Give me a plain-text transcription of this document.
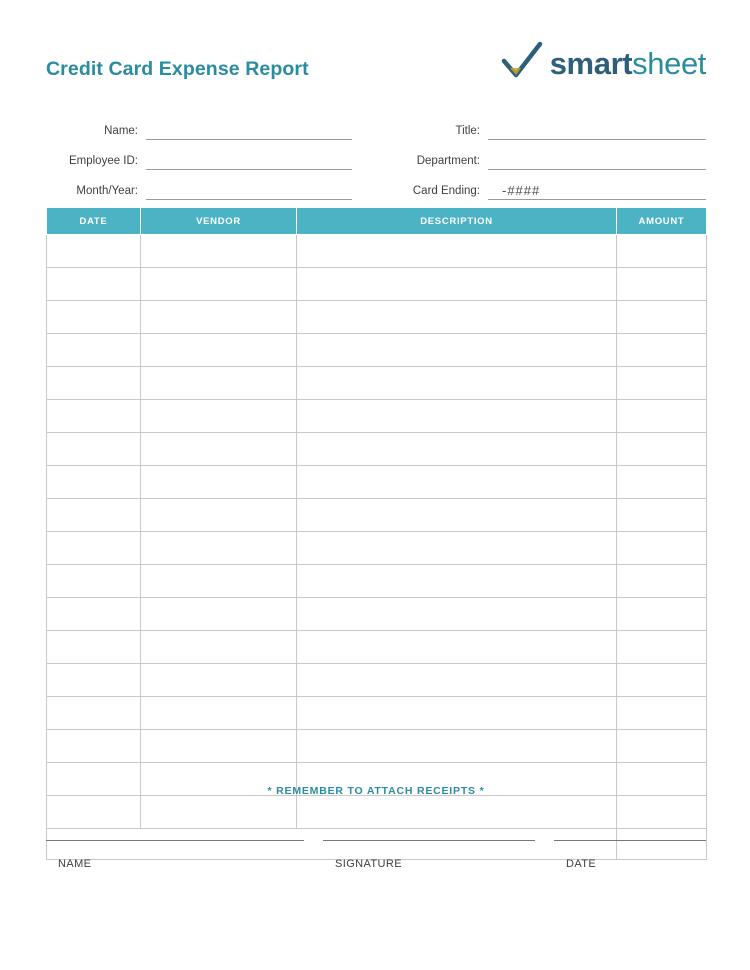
Credit Card Expense Report	smartsheet
Name:	Title:
Employee ID:	Department:
Month/Year:	Card Ending: -####
DATE	VENDOR	DESCRIPTION	AMOUNT

TOTAL ( SHOULD MATCH STATEMENT )			
* REMEMBER TO ATTACH RECEIPTS *
NAME	SIGNATURE	DATE
